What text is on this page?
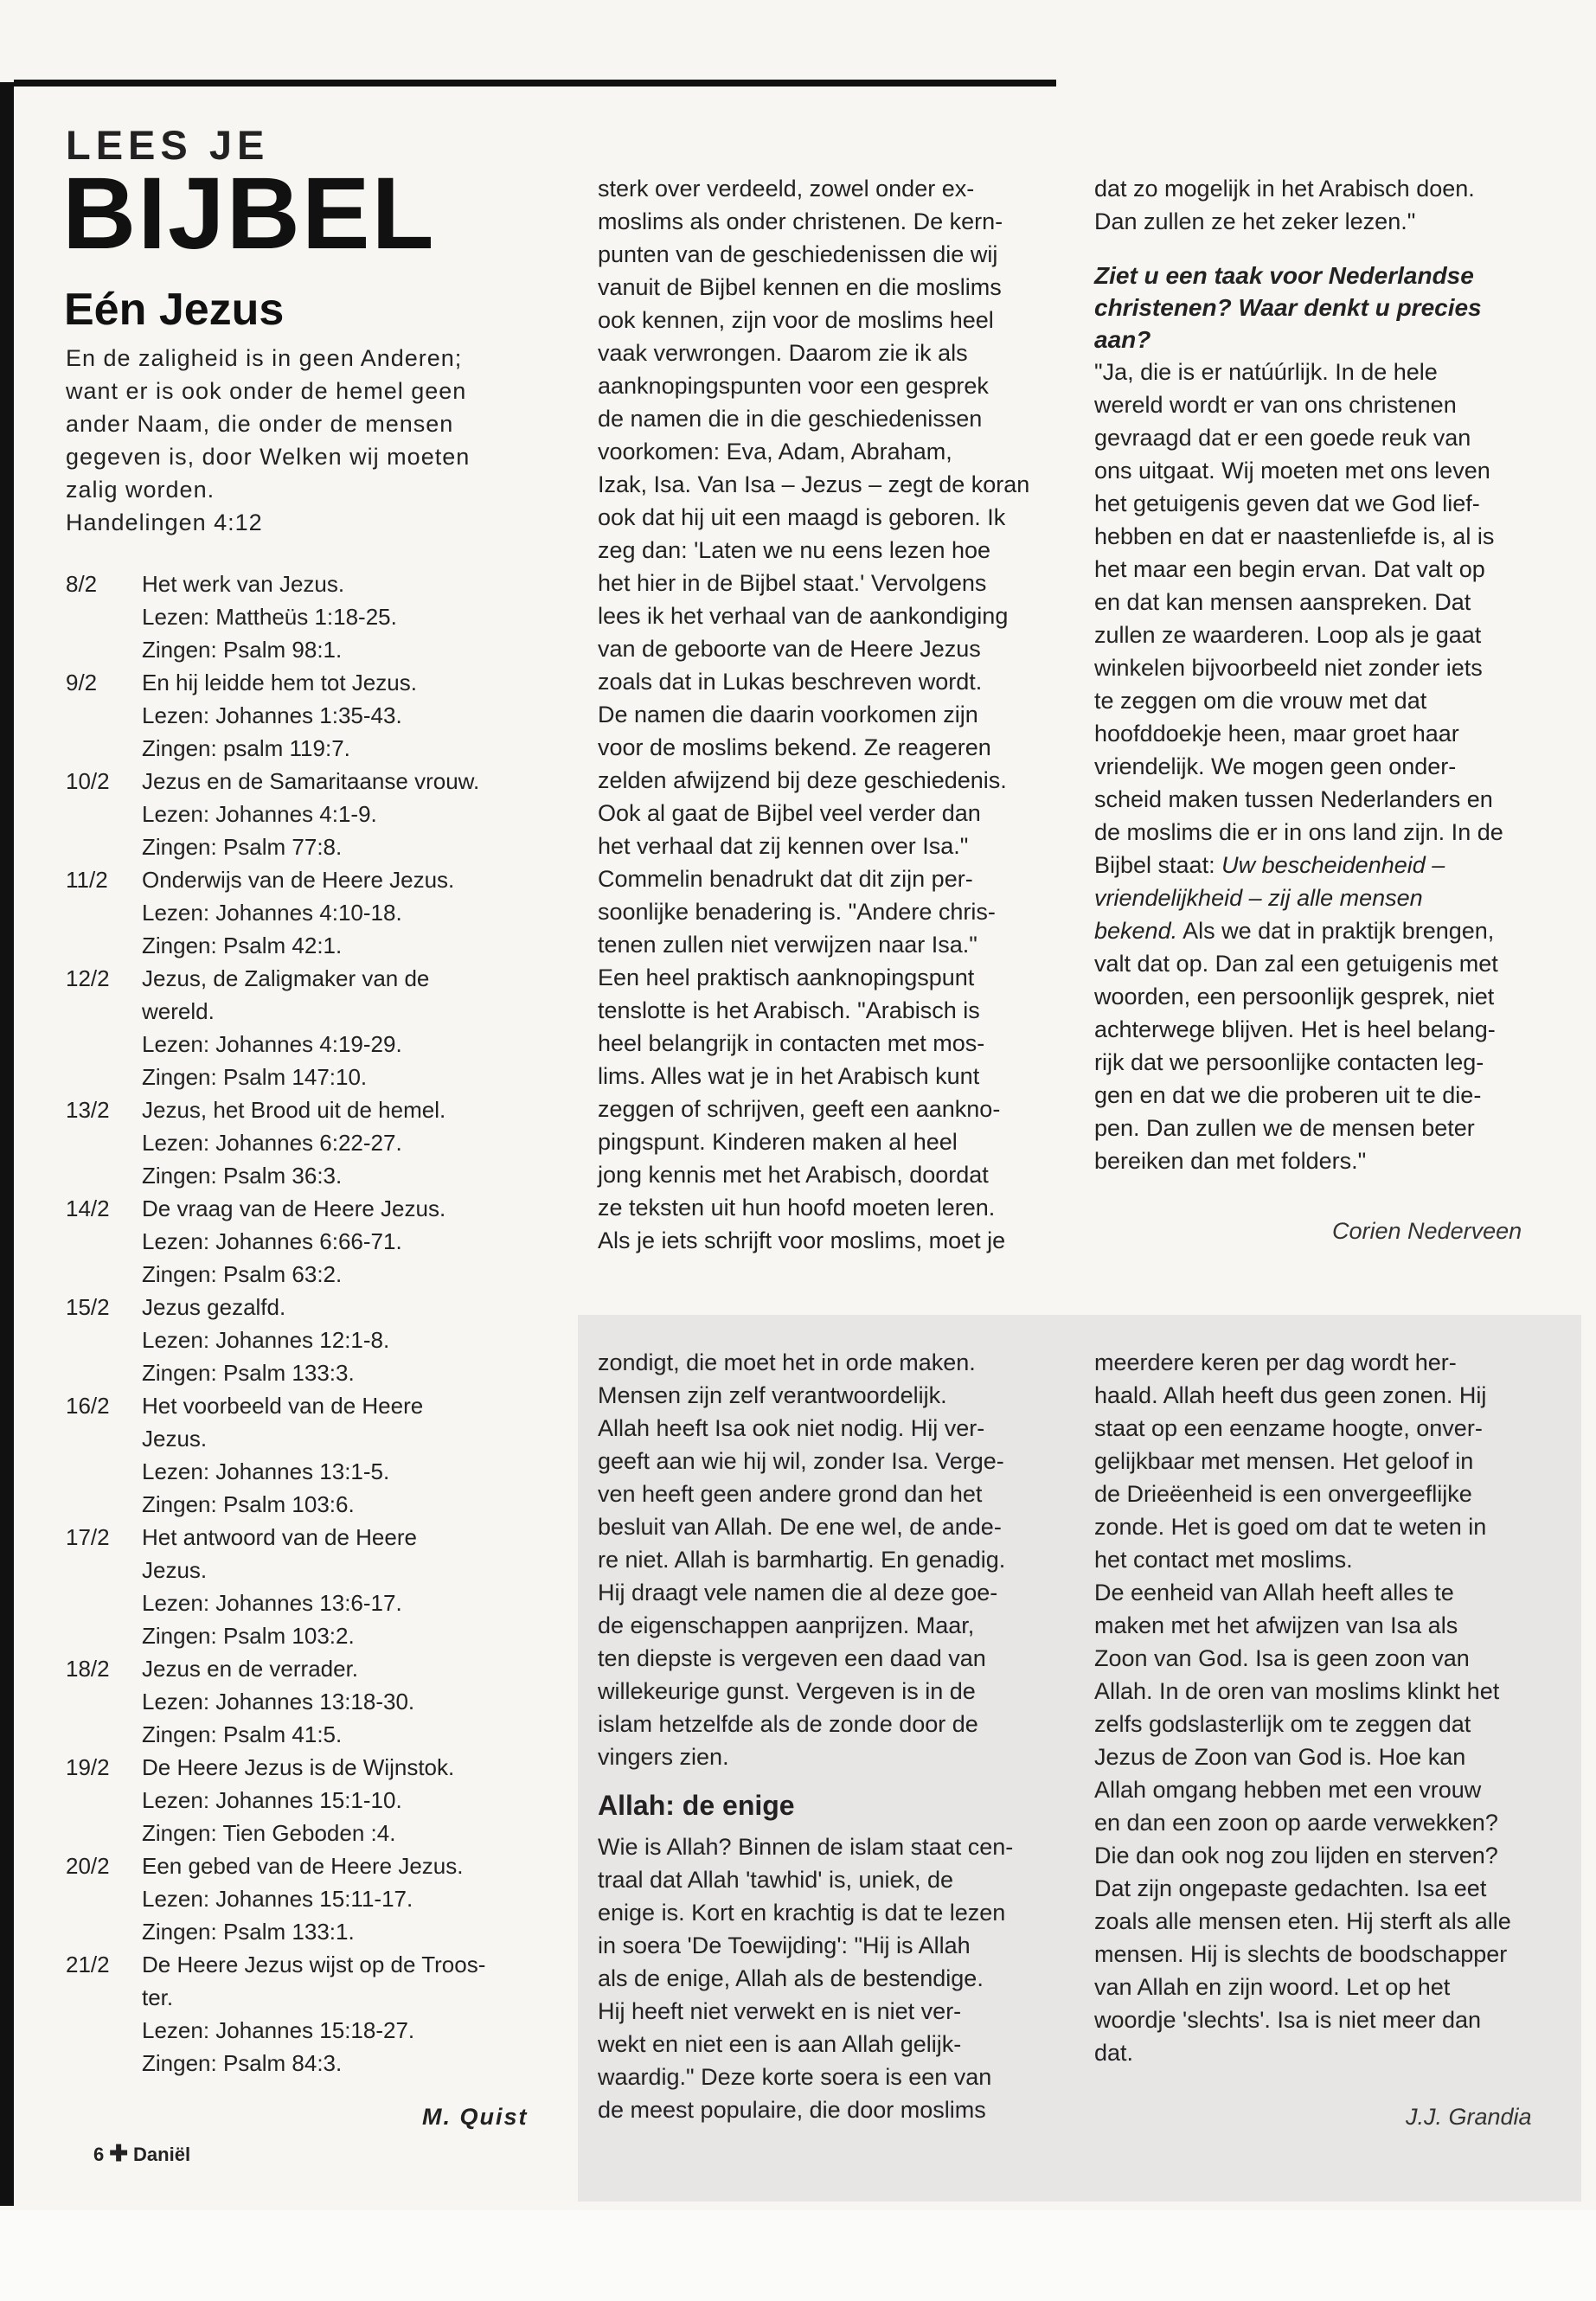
LEES JE
BIJBEL
Eén Jezus
En de zaligheid is in geen Anderen;
want er is ook onder de hemel geen
ander Naam, die onder de mensen
gegeven is, door Welken wij moeten
zalig worden.
Handelingen 4:12
8/2 Het werk van Jezus.
Lezen: Mattheüs 1:18-25.
Zingen: Psalm 98:1.
9/2 En hij leidde hem tot Jezus.
Lezen: Johannes 1:35-43.
Zingen: psalm 119:7.
10/2 Jezus en de Samaritaanse vrouw.
Lezen: Johannes 4:1-9.
Zingen: Psalm 77:8.
11/2 Onderwijs van de Heere Jezus.
Lezen: Johannes 4:10-18.
Zingen: Psalm 42:1.
12/2 Jezus, de Zaligmaker van de
wereld.
Lezen: Johannes 4:19-29.
Zingen: Psalm 147:10.
13/2 Jezus, het Brood uit de hemel.
Lezen: Johannes 6:22-27.
Zingen: Psalm 36:3.
14/2 De vraag van de Heere Jezus.
Lezen: Johannes 6:66-71.
Zingen: Psalm 63:2.
15/2 Jezus gezalfd.
Lezen: Johannes 12:1-8.
Zingen: Psalm 133:3.
16/2 Het voorbeeld van de Heere
Jezus.
Lezen: Johannes 13:1-5.
Zingen: Psalm 103:6.
17/2 Het antwoord van de Heere
Jezus.
Lezen: Johannes 13:6-17.
Zingen: Psalm 103:2.
18/2 Jezus en de verrader.
Lezen: Johannes 13:18-30.
Zingen: Psalm 41:5.
19/2 De Heere Jezus is de Wijnstok.
Lezen: Johannes 15:1-10.
Zingen: Tien Geboden :4.
20/2 Een gebed van de Heere Jezus.
Lezen: Johannes 15:11-17.
Zingen: Psalm 133:1.
21/2 De Heere Jezus wijst op de Troos-
ter.
Lezen: Johannes 15:18-27.
Zingen: Psalm 84:3.
M. Quist
6 ✚ Daniël
sterk over verdeeld, zowel onder ex-
moslims als onder christenen. De kern-
punten van de geschiedenissen die wij
vanuit de Bijbel kennen en die moslims
ook kennen, zijn voor de moslims heel
vaak verwrongen. Daarom zie ik als
aanknopingspunten voor een gesprek
de namen die in die geschiedenissen
voorkomen: Eva, Adam, Abraham,
Izak, Isa. Van Isa – Jezus – zegt de koran
ook dat hij uit een maagd is geboren. Ik
zeg dan: 'Laten we nu eens lezen hoe
het hier in de Bijbel staat.' Vervolgens
lees ik het verhaal van de aankondiging
van de geboorte van de Heere Jezus
zoals dat in Lukas beschreven wordt.
De namen die daarin voorkomen zijn
voor de moslims bekend. Ze reageren
zelden afwijzend bij deze geschiedenis.
Ook al gaat de Bijbel veel verder dan
het verhaal dat zij kennen over Isa."
Commelin benadrukt dat dit zijn per-
soonlijke benadering is. "Andere chris-
tenen zullen niet verwijzen naar Isa."
Een heel praktisch aanknopingspunt
tenslotte is het Arabisch. "Arabisch is
heel belangrijk in contacten met mos-
lims. Alles wat je in het Arabisch kunt
zeggen of schrijven, geeft een aankno-
pingspunt. Kinderen maken al heel
jong kennis met het Arabisch, doordat
ze teksten uit hun hoofd moeten leren.
Als je iets schrijft voor moslims, moet je
dat zo mogelijk in het Arabisch doen.
Dan zullen ze het zeker lezen."
Ziet u een taak voor Nederlandse
christenen? Waar denkt u precies
aan?
"Ja, die is er natúúrlijk. In de hele
wereld wordt er van ons christenen
gevraagd dat er een goede reuk van
ons uitgaat. Wij moeten met ons leven
het getuigenis geven dat we God lief-
hebben en dat er naastenliefde is, al is
het maar een begin ervan. Dat valt op
en dat kan mensen aanspreken. Dat
zullen ze waarderen. Loop als je gaat
winkelen bijvoorbeeld niet zonder iets
te zeggen om die vrouw met dat
hoofddoekje heen, maar groet haar
vriendelijk. We mogen geen onder-
scheid maken tussen Nederlanders en
de moslims die er in ons land zijn. In de
Bijbel staat: Uw bescheidenheid –
vriendelijkheid – zij alle mensen
bekend. Als we dat in praktijk brengen,
valt dat op. Dan zal een getuigenis met
woorden, een persoonlijk gesprek, niet
achterwege blijven. Het is heel belang-
rijk dat we persoonlijke contacten leg-
gen en dat we die proberen uit te die-
pen. Dan zullen we de mensen beter
bereiken dan met folders."
Corien Nederveen
zondigt, die moet het in orde maken.
Mensen zijn zelf verantwoordelijk.
Allah heeft Isa ook niet nodig. Hij ver-
geeft aan wie hij wil, zonder Isa. Verge-
ven heeft geen andere grond dan het
besluit van Allah. De ene wel, de ande-
re niet. Allah is barmhartig. En genadig.
Hij draagt vele namen die al deze goe-
de eigenschappen aanprijzen. Maar,
ten diepste is vergeven een daad van
willekeurige gunst. Vergeven is in de
islam hetzelfde als de zonde door de
vingers zien.
Allah: de enige
Wie is Allah? Binnen de islam staat cen-
traal dat Allah 'tawhid' is, uniek, de
enige is. Kort en krachtig is dat te lezen
in soera 'De Toewijding': "Hij is Allah
als de enige, Allah als de bestendige.
Hij heeft niet verwekt en is niet ver-
wekt en niet een is aan Allah gelijk-
waardig." Deze korte soera is een van
de meest populaire, die door moslims
meerdere keren per dag wordt her-
haald. Allah heeft dus geen zonen. Hij
staat op een eenzame hoogte, onver-
gelijkbaar met mensen. Het geloof in
de Drieëenheid is een onvergeeflijke
zonde. Het is goed om dat te weten in
het contact met moslims.
De eenheid van Allah heeft alles te
maken met het afwijzen van Isa als
Zoon van God. Isa is geen zoon van
Allah. In de oren van moslims klinkt het
zelfs godslasterlijk om te zeggen dat
Jezus de Zoon van God is. Hoe kan
Allah omgang hebben met een vrouw
en dan een zoon op aarde verwekken?
Die dan ook nog zou lijden en sterven?
Dat zijn ongepaste gedachten. Isa eet
zoals alle mensen eten. Hij sterft als alle
mensen. Hij is slechts de boodschapper
van Allah en zijn woord. Let op het
woordje 'slechts'. Isa is niet meer dan
dat.
J.J. Grandia
